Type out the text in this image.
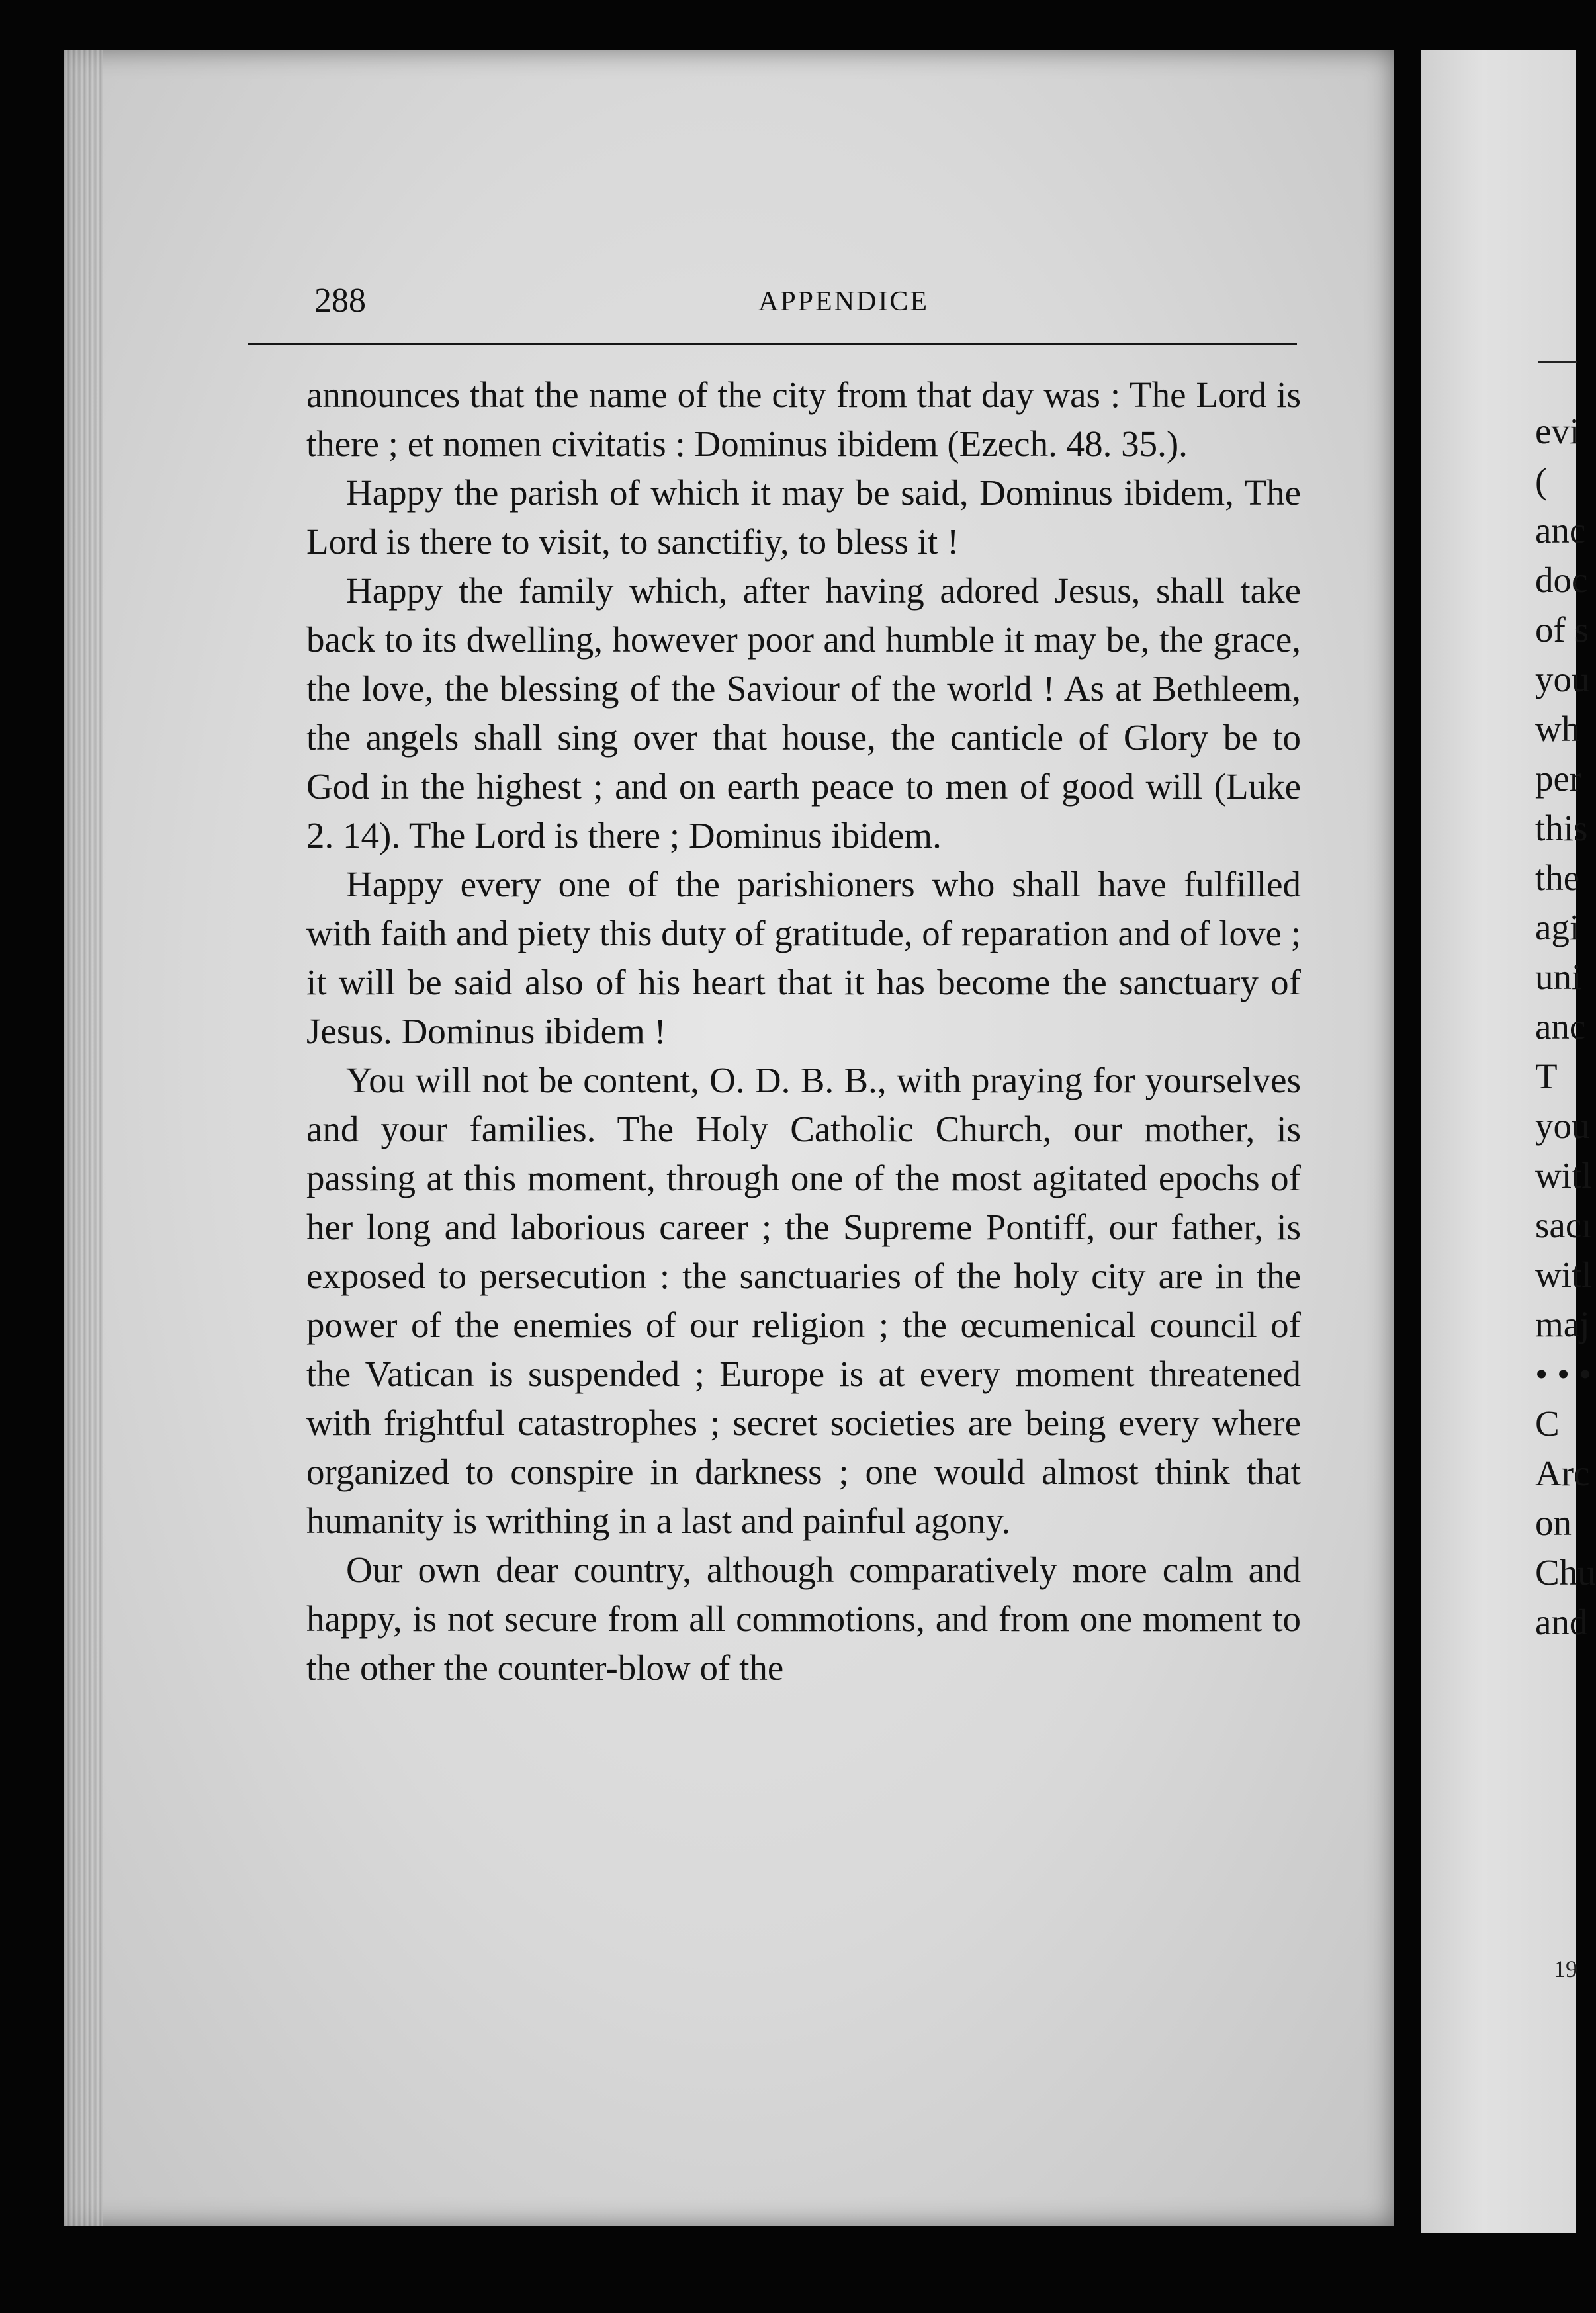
288	APPENDICE

announces that the name of the city from that day was : The Lord is there ; et nomen civitatis : Dominus ibidem (Ezech. 48. 35.).

Happy the parish of which it may be said, Dominus ibidem, The Lord is there to visit, to sanctifiy, to bless it !

Happy the family which, after having adored Jesus, shall take back to its dwelling, however poor and humble it may be, the grace, the love, the blessing of the Saviour of the world ! As at Bethleem, the angels shall sing over that house, the canticle of Glory be to God in the highest ; and on earth peace to men of good will (Luke 2. 14). The Lord is there ; Dominus ibidem.

Happy every one of the parishioners who shall have fulfilled with faith and piety this duty of gratitude, of reparation and of love ; it will be said also of his heart that it has become the sanctuary of Jesus. Dominus ibidem !

You will not be content, O. D. B. B., with praying for yourselves and your families. The Holy Catholic Church, our mother, is passing at this moment, through one of the most agitated epochs of her long and laborious career ; the Supreme Pontiff, our father, is exposed to persecution : the sanctuaries of the holy city are in the power of the enemies of our religion ; the œcumenical council of the Vatican is suspended ; Europe is at every moment threatened with frightful catastrophes ; secret societies are being every where organized to conspire in darkness ; one would almost think that humanity is writhing in a last and painful agony.

Our own dear country, although comparatively more calm and happy, is not secure from all commotions, and from one moment to the other the counter-blow of the

evi
(
anc
doc
of s
you
wh
per
this
the
agi
uni
anc
T
you
witl
sacı
witl
maj
• • •
C
Arc
on
Chu
and
19
